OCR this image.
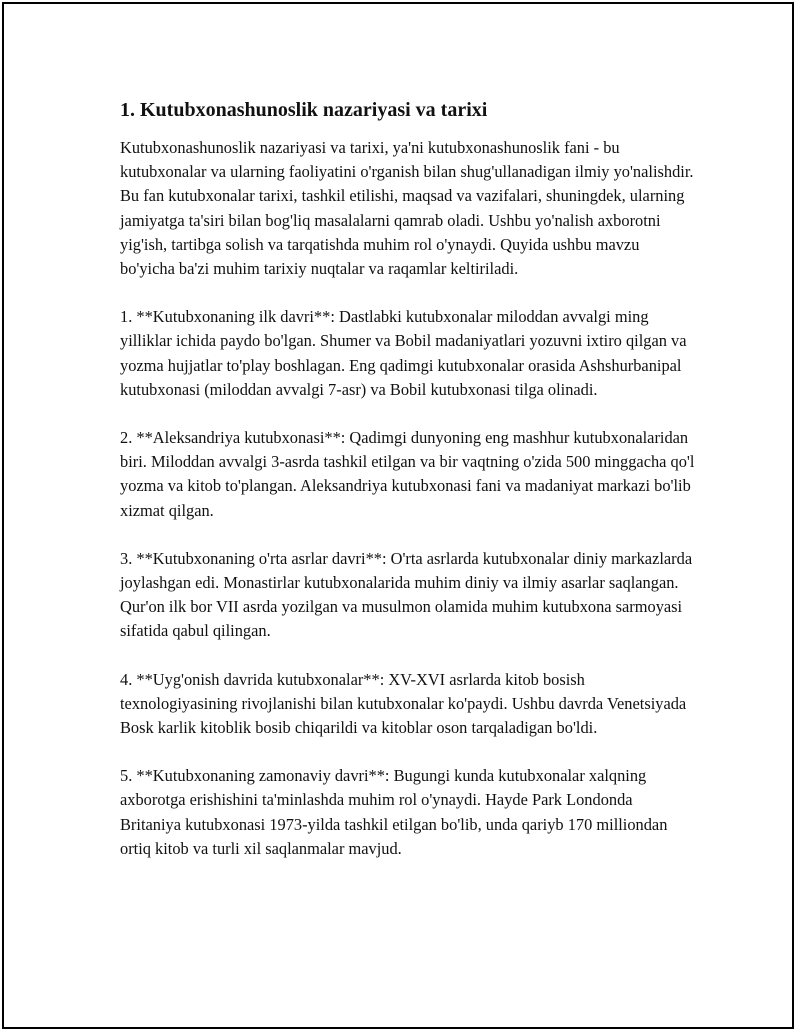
1. Kutubxonashunoslik nazariyasi va tarixi

Kutubxonashunoslik nazariyasi va tarixi, ya'ni kutubxonashunoslik fani - bu kutubxonalar va ularning faoliyatini o'rganish bilan shug'ullanadigan ilmiy yo'nalishdir. Bu fan kutubxonalar tarixi, tashkil etilishi, maqsad va vazifalari, shuningdek, ularning jamiyatga ta'siri bilan bog'liq masalalarni qamrab oladi. Ushbu yo'nalish axborotni yig'ish, tartibga solish va tarqatishda muhim rol o'ynaydi. Quyida ushbu mavzu bo'yicha ba'zi muhim tarixiy nuqtalar va raqamlar keltiriladi.

1. **Kutubxonaning ilk davri**: Dastlabki kutubxonalar miloddan avvalgi ming yilliklar ichida paydo bo'lgan. Shumer va Bobil madaniyatlari yozuvni ixtiro qilgan va yozma hujjatlar to'play boshlagan. Eng qadimgi kutubxonalar orasida Ashshurbanipal kutubxonasi (miloddan avvalgi 7-asr) va Bobil kutubxonasi tilga olinadi.

2. **Aleksandriya kutubxonasi**: Qadimgi dunyoning eng mashhur kutubxonalaridan biri. Miloddan avvalgi 3-asrda tashkil etilgan va bir vaqtning o'zida 500 minggacha qo'l yozma va kitob to'plangan. Aleksandriya kutubxonasi fani va madaniyat markazi bo'lib xizmat qilgan.

3. **Kutubxonaning o'rta asrlar davri**: O'rta asrlarda kutubxonalar diniy markazlarda joylashgan edi. Monastirlar kutubxonalarida muhim diniy va ilmiy asarlar saqlangan. Qur'on ilk bor VII asrda yozilgan va musulmon olamida muhim kutubxona sarmoyasi sifatida qabul qilingan.

4. **Uyg'onish davrida kutubxonalar**: XV-XVI asrlarda kitob bosish texnologiyasining rivojlanishi bilan kutubxonalar ko'paydi. Ushbu davrda Venetsiyada Bosk karlik kitoblik bosib chiqarildi va kitoblar oson tarqaladigan bo'ldi.

5. **Kutubxonaning zamonaviy davri**: Bugungi kunda kutubxonalar xalqning axborotga erishishini ta'minlashda muhim rol o'ynaydi. Hayde Park Londonda Britaniya kutubxonasi 1973-yilda tashkil etilgan bo'lib, unda qariyb 170 milliondan ortiq kitob va turli xil saqlanmalar mavjud.
